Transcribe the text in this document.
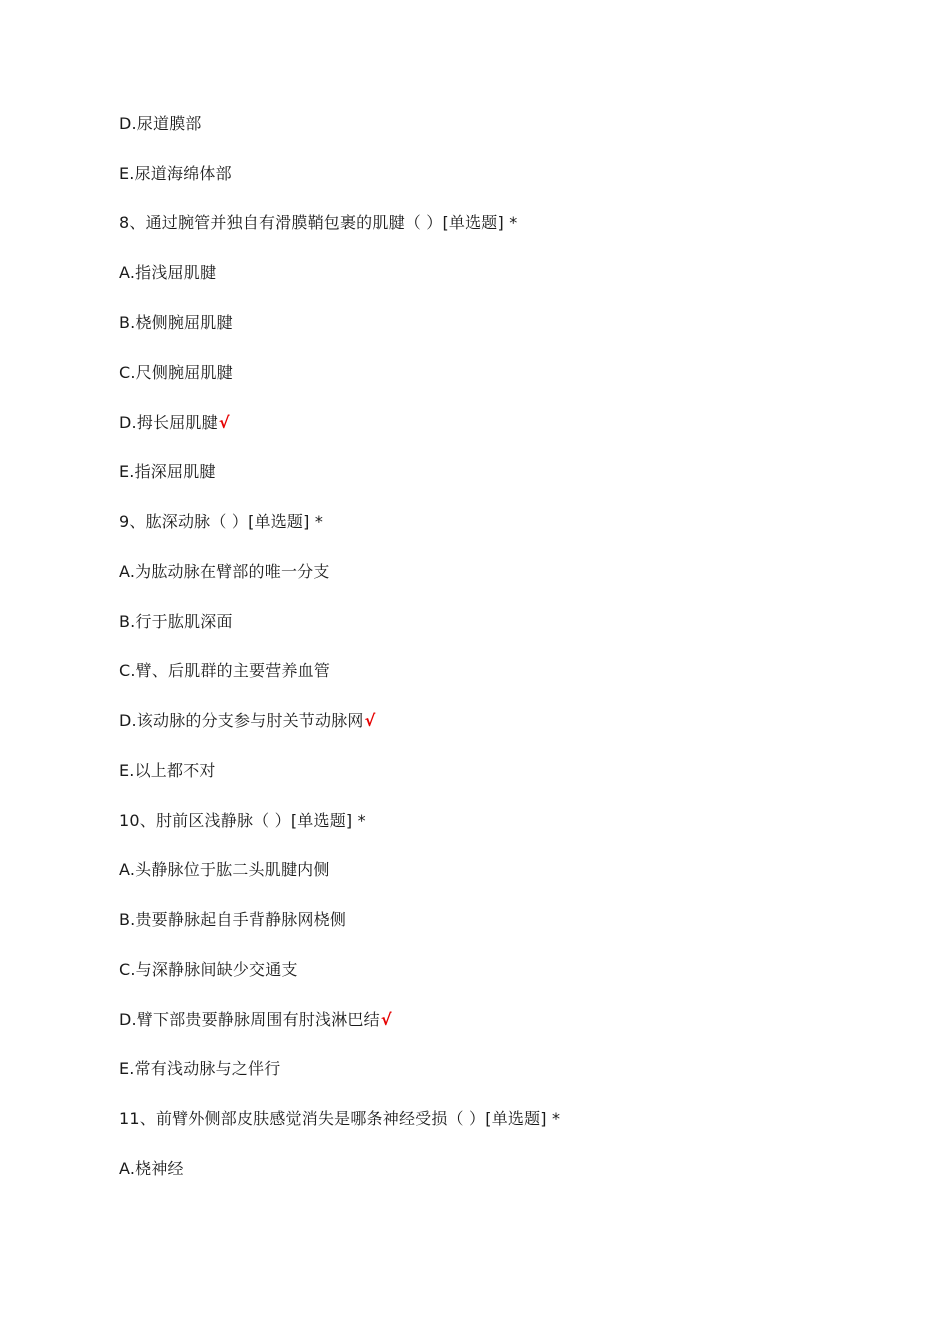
D.尿道膜部
E.尿道海绵体部
8、通过腕管并独自有滑膜鞘包裹的肌腱（ ）[单选题] *
A.指浅屈肌腱
B.桡侧腕屈肌腱
C.尺侧腕屈肌腱
D.拇长屈肌腱√
E.指深屈肌腱
9、肱深动脉（ ）[单选题] *
A.为肱动脉在臂部的唯一分支
B.行于肱肌深面
C.臂、后肌群的主要营养血管
D.该动脉的分支参与肘关节动脉网√
E.以上都不对
10、肘前区浅静脉（ ）[单选题] *
A.头静脉位于肱二头肌腱内侧
B.贵要静脉起自手背静脉网桡侧
C.与深静脉间缺少交通支
D.臂下部贵要静脉周围有肘浅淋巴结√
E.常有浅动脉与之伴行
11、前臂外侧部皮肤感觉消失是哪条神经受损（ ）[单选题] *
A.桡神经
